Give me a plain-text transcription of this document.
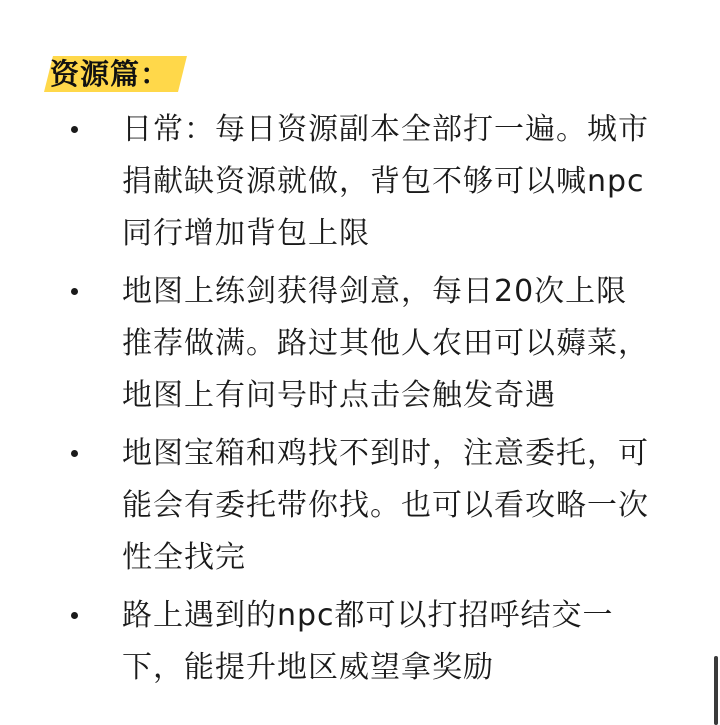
资源篇：
日常：每日资源副本全部打一遍。城市
捐献缺资源就做，背包不够可以喊npc
同行增加背包上限
地图上练剑获得剑意，每日20次上限
推荐做满。路过其他人农田可以薅菜，
地图上有问号时点击会触发奇遇
地图宝箱和鸡找不到时，注意委托，可
能会有委托带你找。也可以看攻略一次
性全找完
路上遇到的npc都可以打招呼结交一
下，能提升地区威望拿奖励
